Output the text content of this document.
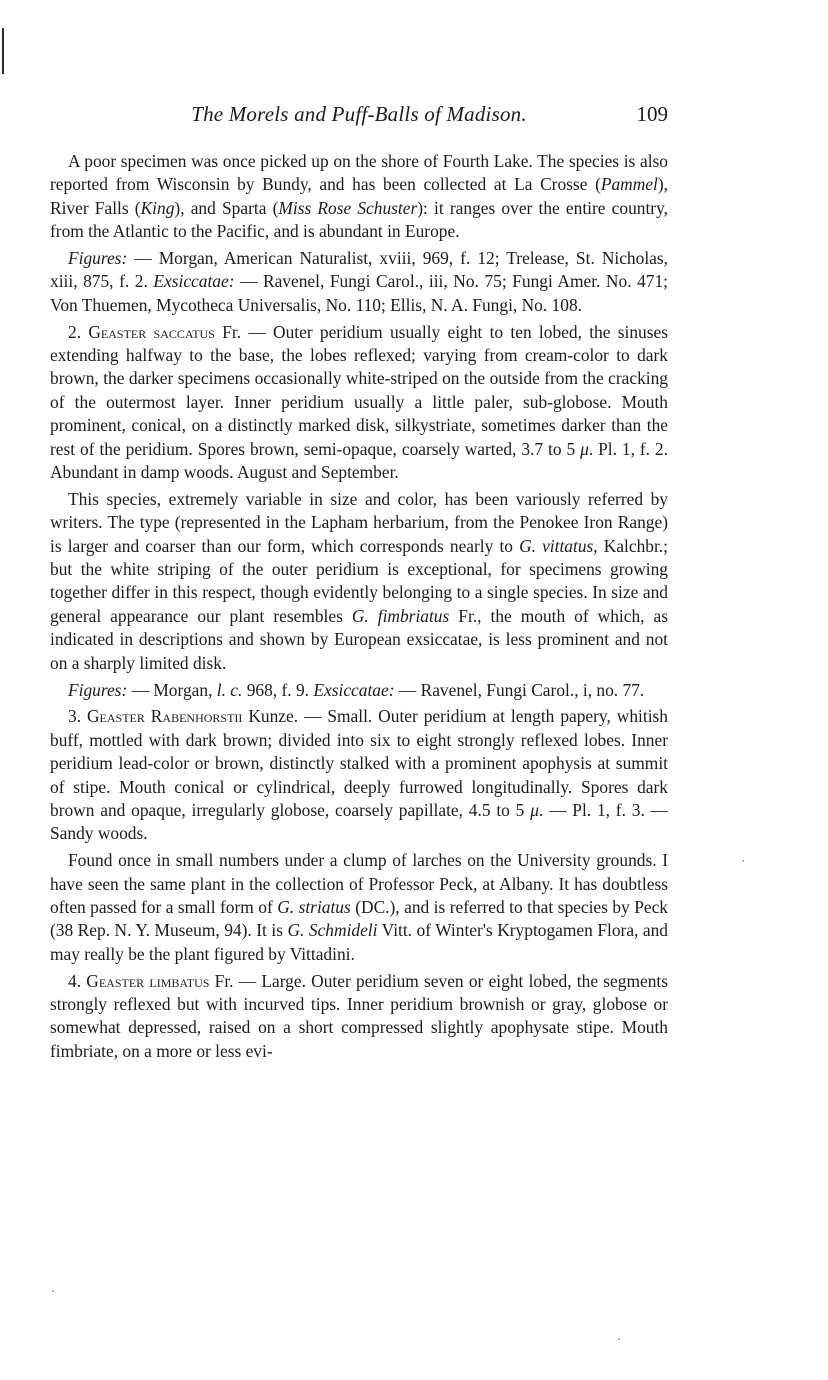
The Morels and Puff-Balls of Madison.	109

A poor specimen was once picked up on the shore of Fourth Lake. The species is also reported from Wisconsin by Bundy, and has been collected at La Crosse (Pammel), River Falls (King), and Sparta (Miss Rose Schuster): it ranges over the entire country, from the Atlantic to the Pacific, and is abundant in Europe.

Figures: — Morgan, American Naturalist, xviii, 969, f. 12; Trelease, St. Nicholas, xiii, 875, f. 2. Exsiccatae: — Ravenel, Fungi Carol., iii, No. 75; Fungi Amer. No. 471; Von Thuemen, Mycotheca Universalis, No. 110; Ellis, N. A. Fungi, No. 108.

2. Geaster saccatus Fr. — Outer peridium usually eight to ten lobed, the sinuses extending halfway to the base, the lobes reflexed; varying from cream-color to dark brown, the darker specimens occasionally white-striped on the outside from the cracking of the outermost layer. Inner peridium usually a little paler, sub-globose. Mouth prominent, conical, on a distinctly marked disk, silkystriate, sometimes darker than the rest of the peridium. Spores brown, semi-opaque, coarsely warted, 3.7 to 5 μ. Pl. 1, f. 2. Abundant in damp woods. August and September.

This species, extremely variable in size and color, has been variously referred by writers. The type (represented in the Lapham herbarium, from the Penokee Iron Range) is larger and coarser than our form, which corresponds nearly to G. vittatus, Kalchbr.; but the white striping of the outer peridium is exceptional, for specimens growing together differ in this respect, though evidently belonging to a single species. In size and general appearance our plant resembles G. fimbriatus Fr., the mouth of which, as indicated in descriptions and shown by European exsiccatae, is less prominent and not on a sharply limited disk.

Figures: — Morgan, l. c. 968, f. 9. Exsiccatae: — Ravenel, Fungi Carol., i, no. 77.

3. Geaster Rabenhorstii Kunze. — Small. Outer peridium at length papery, whitish buff, mottled with dark brown; divided into six to eight strongly reflexed lobes. Inner peridium lead-color or brown, distinctly stalked with a prominent apophysis at summit of stipe. Mouth conical or cylindrical, deeply furrowed longitudinally. Spores dark brown and opaque, irregularly globose, coarsely papillate, 4.5 to 5 μ. — Pl. 1, f. 3. — Sandy woods.

Found once in small numbers under a clump of larches on the University grounds. I have seen the same plant in the collection of Professor Peck, at Albany. It has doubtless often passed for a small form of G. striatus (DC.), and is referred to that species by Peck (38 Rep. N. Y. Museum, 94). It is G. Schmideli Vitt. of Winter's Kryptogamen Flora, and may really be the plant figured by Vittadini.

4. Geaster limbatus Fr. — Large. Outer peridium seven or eight lobed, the segments strongly reflexed but with incurved tips. Inner peridium brownish or gray, globose or somewhat depressed, raised on a short compressed slightly apophysate stipe. Mouth fimbriate, on a more or less evi-
